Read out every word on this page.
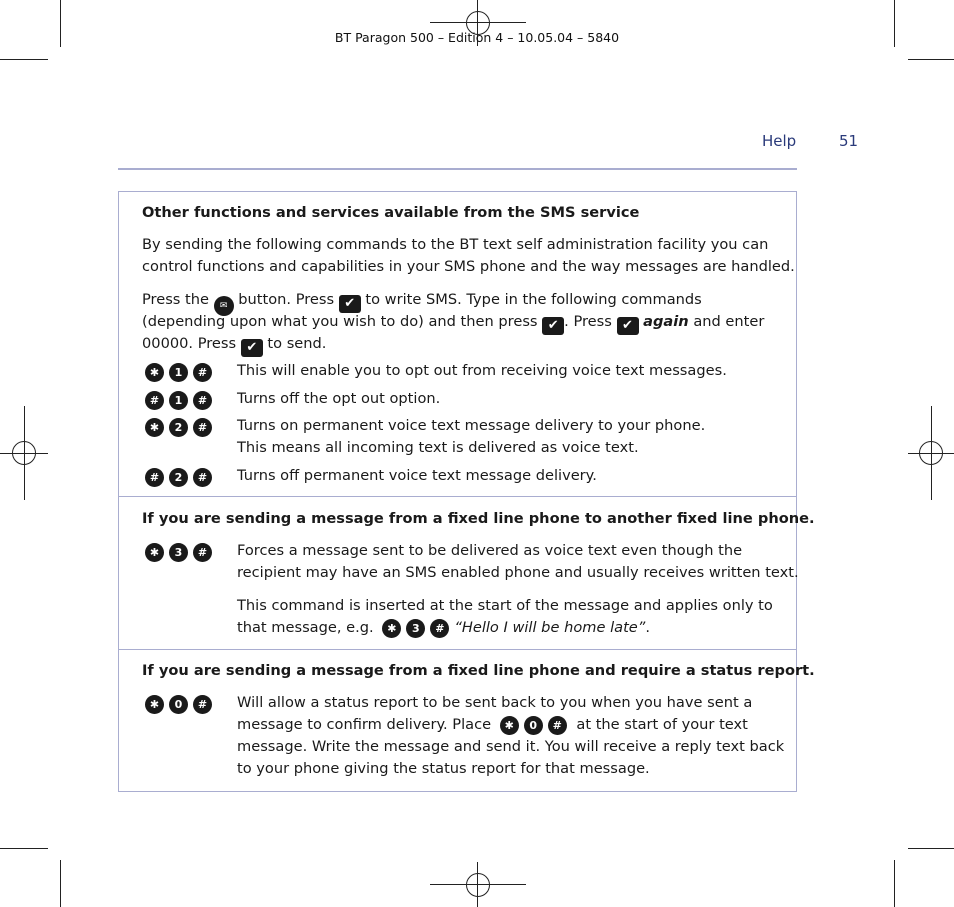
BT Paragon 500 – Edition 4 – 10.05.04 – 5840
Help	51
Other functions and services available from the SMS service
By sending the following commands to the BT text self administration facility you can
control functions and capabilities in your SMS phone and the way messages are handled.
Press the ✉ button. Press ✔ to write SMS. Type in the following commands
(depending upon what you wish to do) and then press ✔ . Press ✔ again and enter
00000. Press ✔ to send.
✱ 1 #	This will enable you to opt out from receiving voice text messages.
# 1 #	Turns off the opt out option.
✱ 2 #	Turns on permanent voice text message delivery to your phone.
This means all incoming text is delivered as voice text.
# 2 #	Turns off permanent voice text message delivery.
If you are sending a message from a fixed line phone to another fixed line phone.
✱ 3 #	Forces a message sent to be delivered as voice text even though the
recipient may have an SMS enabled phone and usually receives written text.
This command is inserted at the start of the message and applies only to
that message, e.g. ✱ 3 # “Hello I will be home late”.
If you are sending a message from a fixed line phone and require a status report.
✱ 0 #	Will allow a status report to be sent back to you when you have sent a
message to confirm delivery. Place ✱ 0 # at the start of your text
message. Write the message and send it. You will receive a reply text back
to your phone giving the status report for that message.
